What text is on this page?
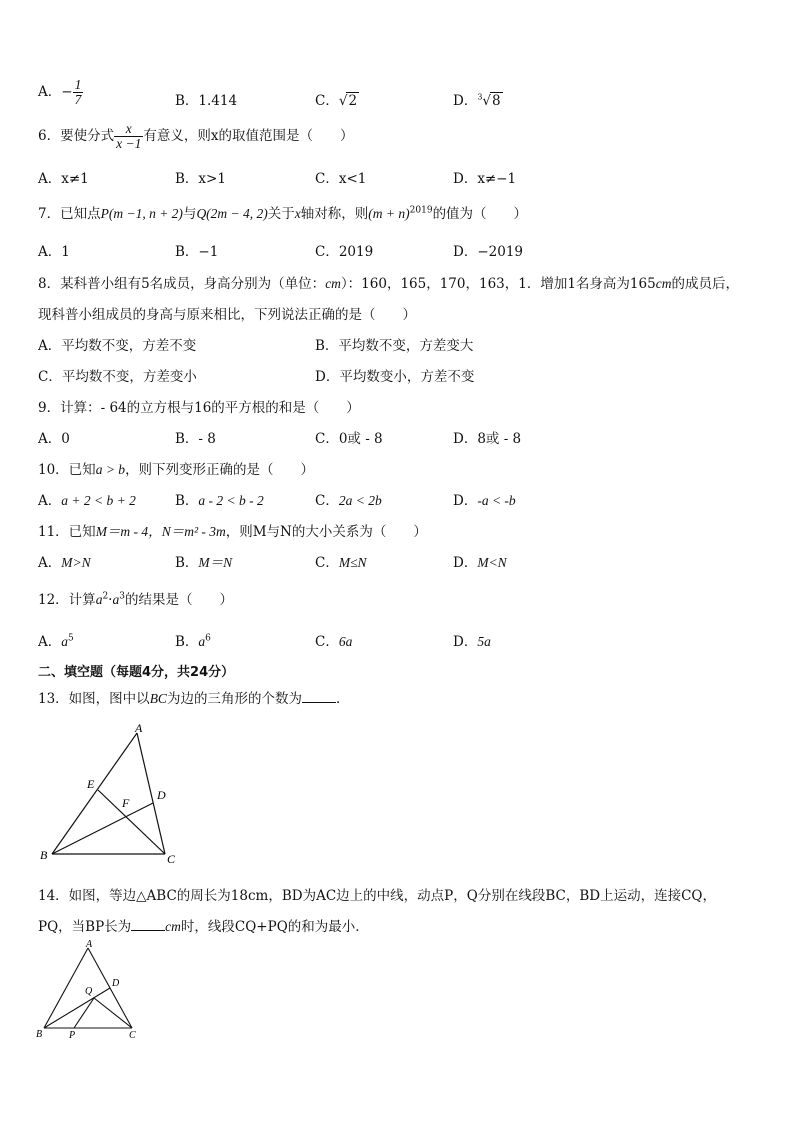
A．− $\frac{1}{7}$	B．1.414	C．√2	D．$^3$√8
6．要使分式 $\frac{x}{x -1}$ 有意义，则x的取值范围是（　　）
A．x≠1	B．x>1	C．x<1	D．x≠−1
7．已知点P(m −1, n + 2)与Q(2m − 4, 2)关于x轴对称，则$(m + n)^{2019}$的值为（　　）
A．1	B．−1	C．2019	D．−2019
8．某科普小组有5名成员，身高分别为（单位：cm）：160，165，170，163，1．增加1名身高为165cm的成员后，
现科普小组成员的身高与原来相比，下列说法正确的是（　　）
A．平均数不变，方差不变	B．平均数不变，方差变大
C．平均数不变，方差变小	D．平均数变小，方差不变
9．计算：- 64的立方根与16的平方根的和是（　　）
A．0	B．- 8	C．0或 - 8	D．8或 - 8
10．已知a > b，则下列变形正确的是（　　）
A．a + 2 < b + 2	B．a - 2 < b - 2	C．2a < 2b	D．-a < -b
11．已知M＝m - 4，N＝m² - 3m，则M与N的大小关系为（　　）
A．M>N	B．M＝N	C．M≤N	D．M<N
12．计算$a^2\cdot a^3$的结果是（　　）
A．$a^5$	B．$a^6$	C．6a	D．5a
二、填空题（每题4分，共24分）
13．如图，图中以BC为边的三角形的个数为	．
A
B	C
D
E
F
14．如图，等边△ABC的周长为18cm，BD为AC边上的中线，动点P，Q分别在线段BC，BD上运动，连接CQ，
PQ，当BP长为	cm时，线段CQ+PQ的和为最小．
A
B	C
D
P
Q
